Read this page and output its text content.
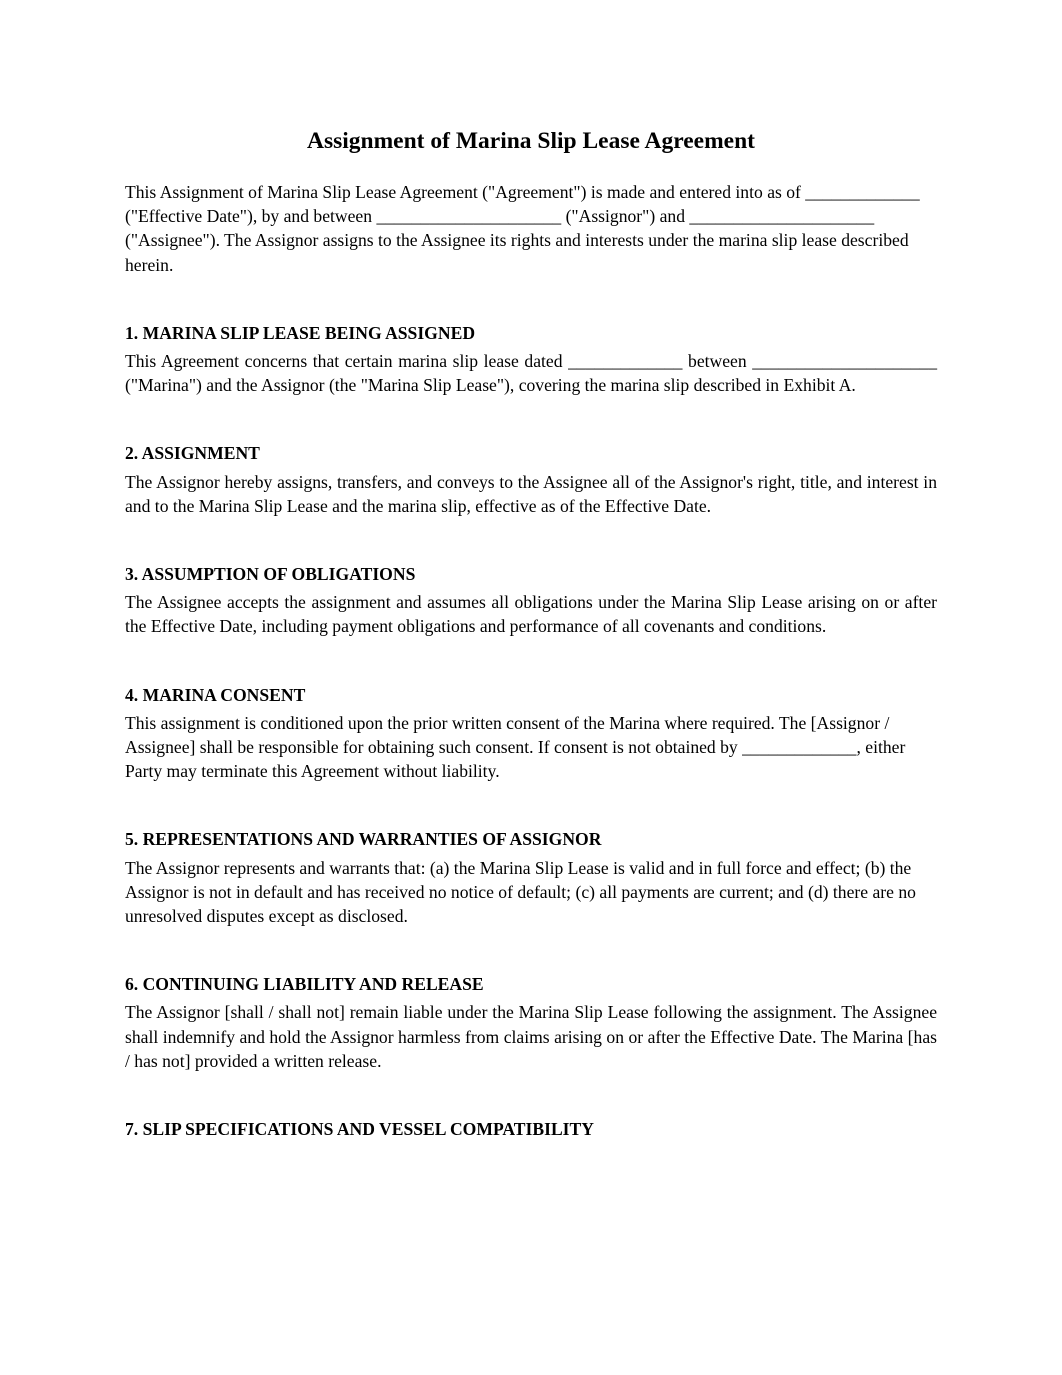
Assignment of Marina Slip Lease Agreement

This Assignment of Marina Slip Lease Agreement ("Agreement") is made and entered into as of _____________ ("Effective Date"), by and between _____________________ ("Assignor") and _____________________ ("Assignee"). The Assignor assigns to the Assignee its rights and interests under the marina slip lease described herein.

1. MARINA SLIP LEASE BEING ASSIGNED

This Agreement concerns that certain marina slip lease dated _____________ between _____________________ ("Marina") and the Assignor (the "Marina Slip Lease"), covering the marina slip described in Exhibit A.

2. ASSIGNMENT

The Assignor hereby assigns, transfers, and conveys to the Assignee all of the Assignor's right, title, and interest in and to the Marina Slip Lease and the marina slip, effective as of the Effective Date.

3. ASSUMPTION OF OBLIGATIONS

The Assignee accepts the assignment and assumes all obligations under the Marina Slip Lease arising on or after the Effective Date, including payment obligations and performance of all covenants and conditions.

4. MARINA CONSENT

This assignment is conditioned upon the prior written consent of the Marina where required. The [Assignor / Assignee] shall be responsible for obtaining such consent. If consent is not obtained by _____________, either Party may terminate this Agreement without liability.

5. REPRESENTATIONS AND WARRANTIES OF ASSIGNOR

The Assignor represents and warrants that: (a) the Marina Slip Lease is valid and in full force and effect; (b) the Assignor is not in default and has received no notice of default; (c) all payments are current; and (d) there are no unresolved disputes except as disclosed.

6. CONTINUING LIABILITY AND RELEASE

The Assignor [shall / shall not] remain liable under the Marina Slip Lease following the assignment. The Assignee shall indemnify and hold the Assignor harmless from claims arising on or after the Effective Date. The Marina [has / has not] provided a written release.

7. SLIP SPECIFICATIONS AND VESSEL COMPATIBILITY
